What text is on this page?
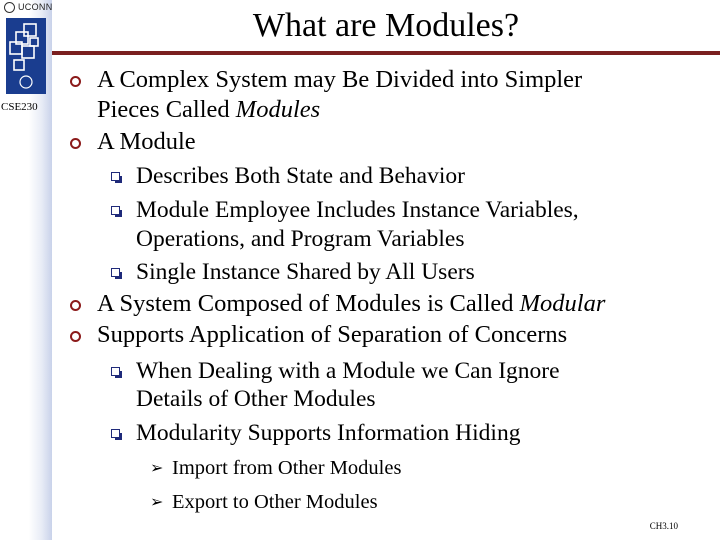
UCONN
CSE230
What are Modules?
A Complex System may Be Divided into Simpler
Pieces Called Modules
A Module
Describes Both State and Behavior
Module Employee Includes Instance Variables,
Operations, and Program Variables
Single Instance Shared by All Users
A System Composed of Modules is Called Modular
Supports Application of Separation of Concerns
When Dealing with a Module we Can Ignore
Details of Other Modules
Modularity Supports Information Hiding
Import from Other Modules
➢
Export to Other Modules
➢
CH3.10
